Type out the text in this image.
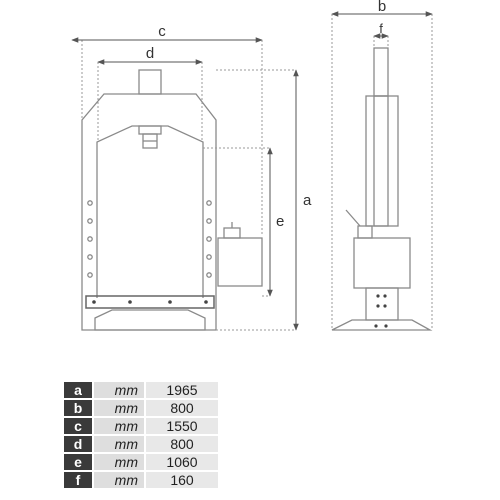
c
d
a
e
b
f
a		mm		1965
b		mm		800
c		mm		1550
d		mm		800
e		mm		1060
f		mm		160
